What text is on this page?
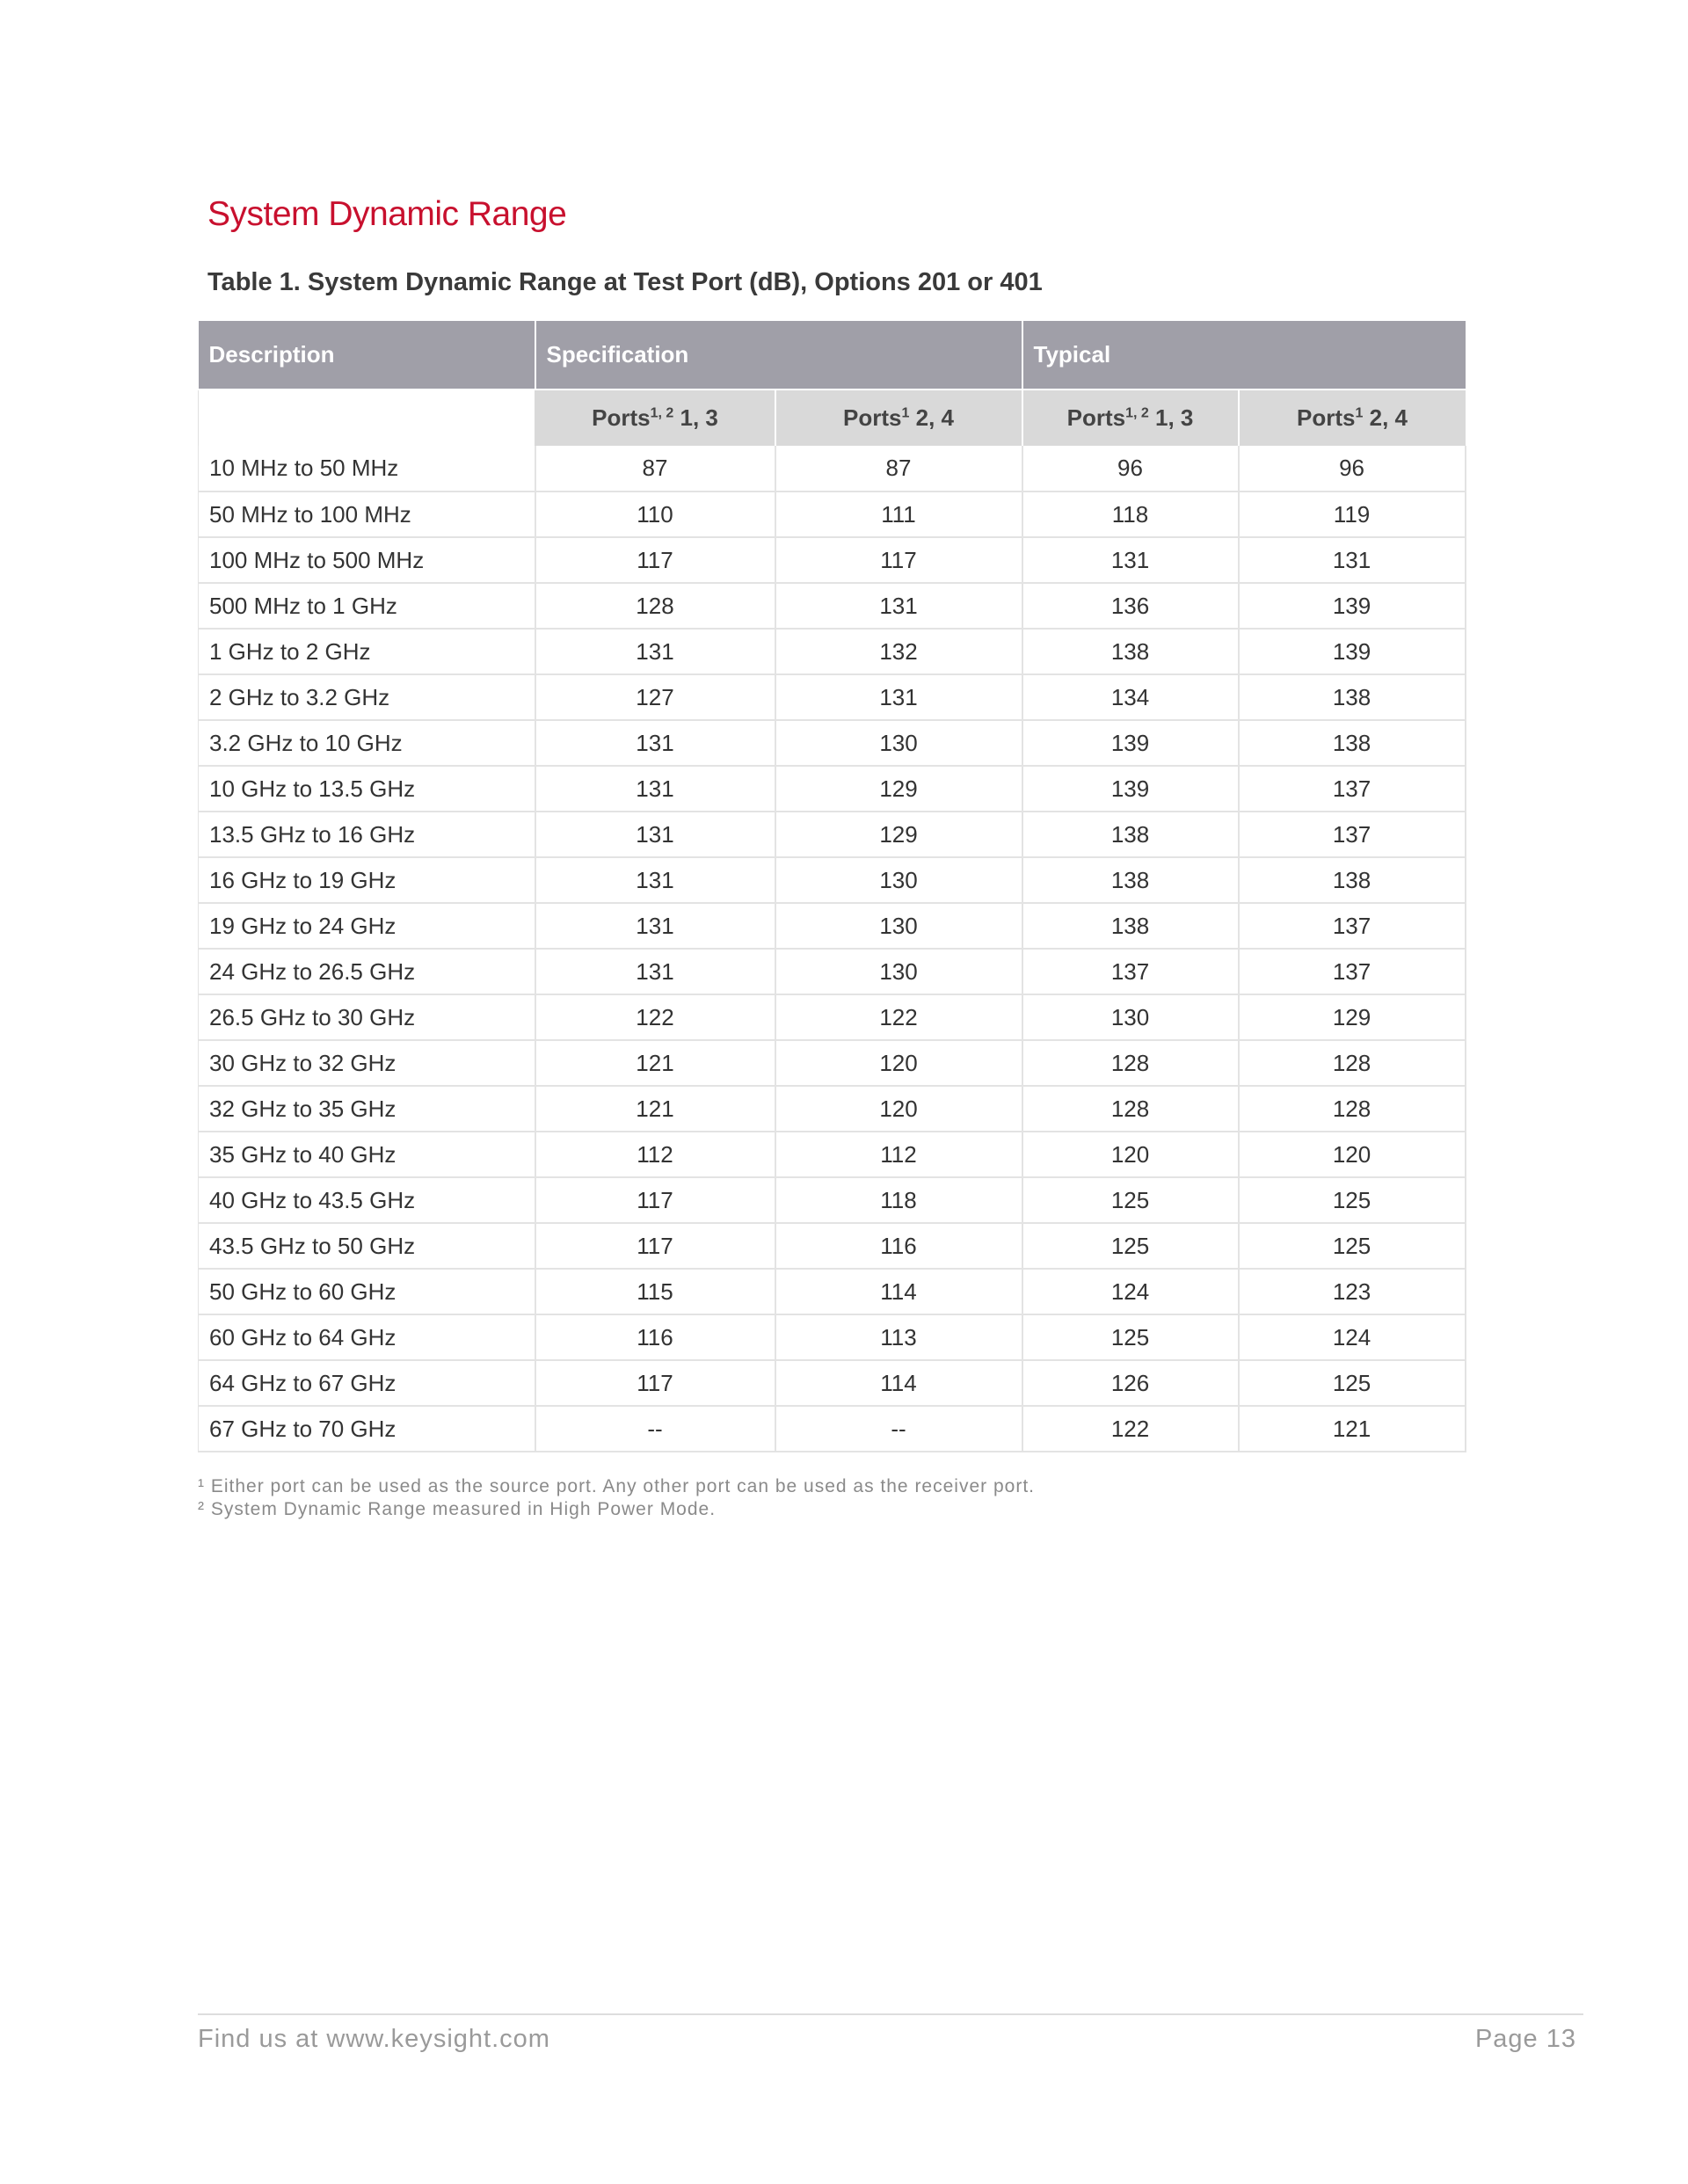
System Dynamic Range
Table 1. System Dynamic Range at Test Port (dB), Options 201 or 401
Description	Specification		Typical	
	Ports$^{1, 2}$ 1, 3	Ports$^1$ 2, 4	Ports$^{1, 2}$ 1, 3	Ports$^1$ 2, 4
10 MHz to 50 MHz	87	87	96	96
50 MHz to 100 MHz	110	111	118	119
100 MHz to 500 MHz	117	117	131	131
500 MHz to 1 GHz	128	131	136	139
1 GHz to 2 GHz	131	132	138	139
2 GHz to 3.2 GHz	127	131	134	138
3.2 GHz to 10 GHz	131	130	139	138
10 GHz to 13.5 GHz	131	129	139	137
13.5 GHz to 16 GHz	131	129	138	137
16 GHz to 19 GHz	131	130	138	138
19 GHz to 24 GHz	131	130	138	137
24 GHz to 26.5 GHz	131	130	137	137
26.5 GHz to 30 GHz	122	122	130	129
30 GHz to 32 GHz	121	120	128	128
32 GHz to 35 GHz	121	120	128	128
35 GHz to 40 GHz	112	112	120	120
40 GHz to 43.5 GHz	117	118	125	125
43.5 GHz to 50 GHz	117	116	125	125
50 GHz to 60 GHz	115	114	124	123
60 GHz to 64 GHz	116	113	125	124
64 GHz to 67 GHz	117	114	126	125
67 GHz to 70 GHz	--	--	122	121
¹ Either port can be used as the source port. Any other port can be used as the receiver port.
² System Dynamic Range measured in High Power Mode.
Find us at www.keysight.com	Page 13
